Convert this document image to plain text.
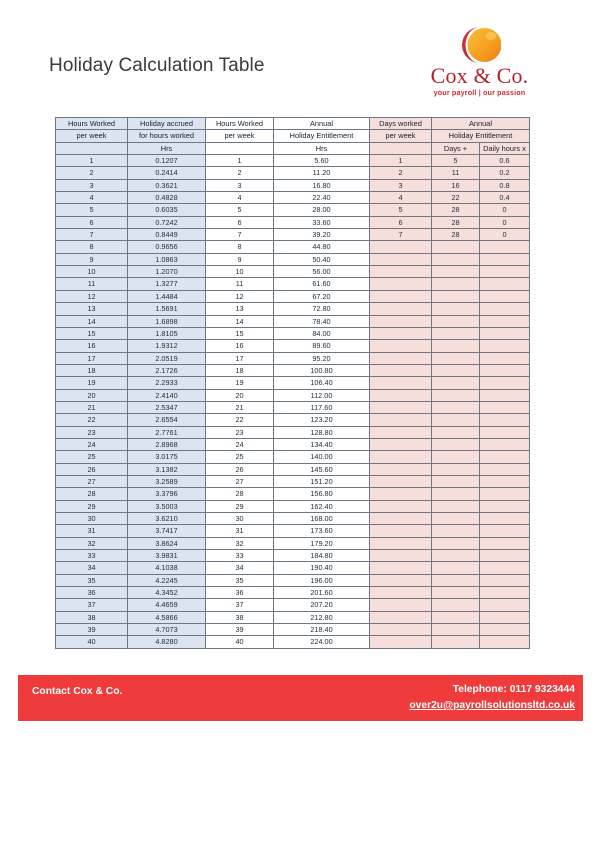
Holiday Calculation Table	Cox & Co.
your payroll | our passion
Hours Worked	Holiday accrued	Hours Worked	Annual	Days worked	Annual	
per week	for hours worked	per week	Holiday Entitlement	per week	Holiday Entitlement	
	Hrs		Hrs		Days +	Daily hours x
1	0.1207	1	5.60	1	5	0.6
2	0.2414	2	11.20	2	11	0.2
3	0.3621	3	16.80	3	16	0.8
4	0.4828	4	22.40	4	22	0.4
5	0.6035	5	28.00	5	28	0
6	0.7242	6	33.60	6	28	0
7	0.8449	7	39.20	7	28	0
8	0.9656	8	44.80			
9	1.0863	9	50.40			
10	1.2070	10	56.00			
11	1.3277	11	61.60			
12	1.4484	12	67.20			
13	1.5691	13	72.80			
14	1.6898	14	78.40			
15	1.8105	15	84.00			
16	1.9312	16	89.60			
17	2.0519	17	95.20			
18	2.1726	18	100.80			
19	2.2933	19	106.40			
20	2.4140	20	112.00			
21	2.5347	21	117.60			
22	2.6554	22	123.20			
23	2.7761	23	128.80			
24	2.8968	24	134.40			
25	3.0175	25	140.00			
26	3.1382	26	145.60			
27	3.2589	27	151.20			
28	3.3796	28	156.80			
29	3.5003	29	162.40			
30	3.6210	30	168.00			
31	3.7417	31	173.60			
32	3.8624	32	179.20			
33	3.9831	33	184.80			
34	4.1038	34	190.40			
35	4.2245	35	196.00			
36	4.3452	36	201.60			
37	4.4659	37	207.20			
38	4.5866	38	212.80			
39	4.7073	39	218.40			
40	4.8280	40	224.00			
Contact Cox & Co.	Telephone: 0117 9323444
over2u@payrollsolutionsltd.co.uk
